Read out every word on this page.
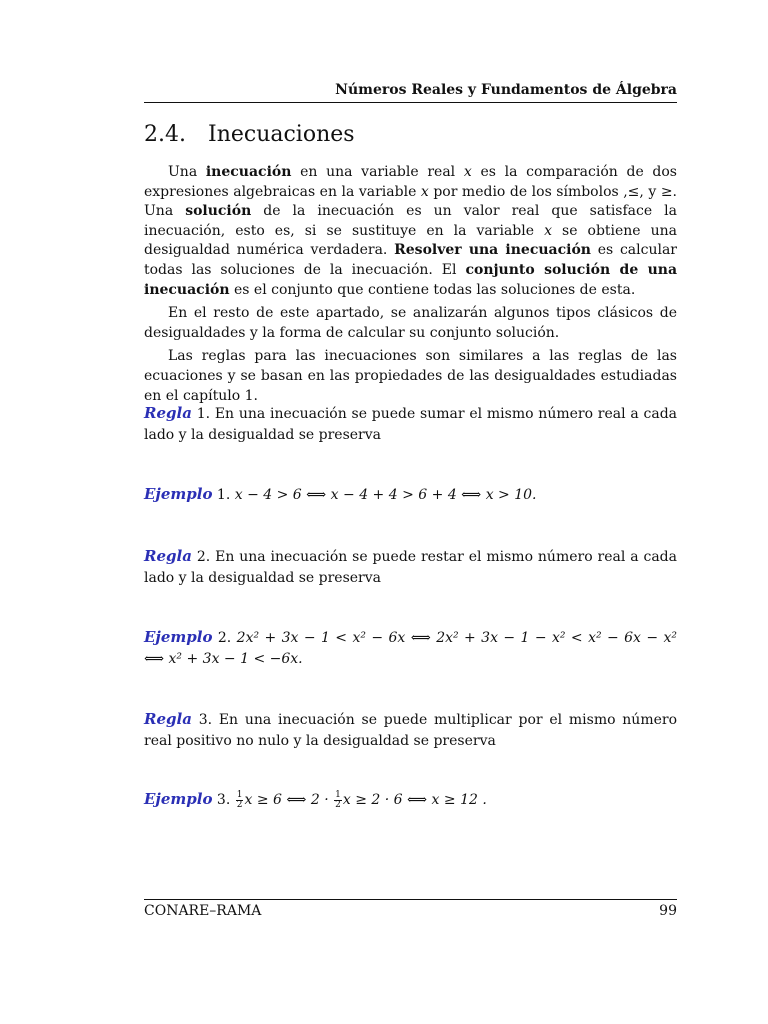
Números Reales y Fundamentos de Álgebra
2.4. Inecuaciones

Una inecuación en una variable real x es la comparación de dos expresiones algebraicas en la variable x por medio de los símbolos ,≤, y ≥. Una solución de la inecuación es un valor real que satisface la inecuación, esto es, si se sustituye en la variable x se obtiene una desigualdad numérica verdadera. Resolver una inecuación es calcular todas las soluciones de la inecuación. El conjunto solución de una inecuación es el conjunto que contiene todas las soluciones de esta.

En el resto de este apartado, se analizarán algunos tipos clásicos de desigualdades y la forma de calcular su conjunto solución.

Las reglas para las inecuaciones son similares a las reglas de las ecuaciones y se basan en las propiedades de las desigualdades estudiadas en el capítulo 1.

Regla 1. En una inecuación se puede sumar el mismo número real a cada lado y la desigualdad se preserva
Ejemplo 1. x − 4 > 6 ⟺ x − 4 + 4 > 6 + 4 ⟺ x > 10.
Regla 2. En una inecuación se puede restar el mismo número real a cada lado y la desigualdad se preserva
Ejemplo 2. 2x² + 3x − 1 < x² − 6x ⟺ 2x² + 3x − 1 − x² < x² − 6x − x² ⟺ x² + 3x − 1 < −6x.
Regla 3. En una inecuación se puede multiplicar por el mismo número real positivo no nulo y la desigualdad se preserva
Ejemplo 3. $\frac{1}{2}$ x ≥ 6 ⟺ $2 \cdot \frac{1}{2}$ x ≥ 2 · 6 ⟺ x ≥ 12 .
CONARE–RAMA	99
